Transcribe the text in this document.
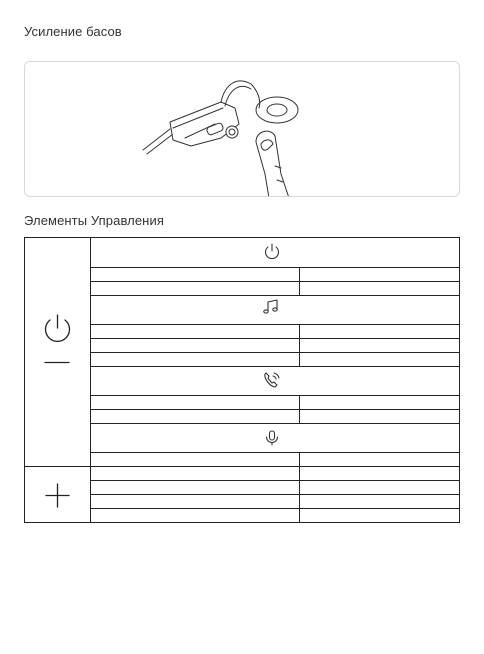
Усиление басов
Элементы Управления
